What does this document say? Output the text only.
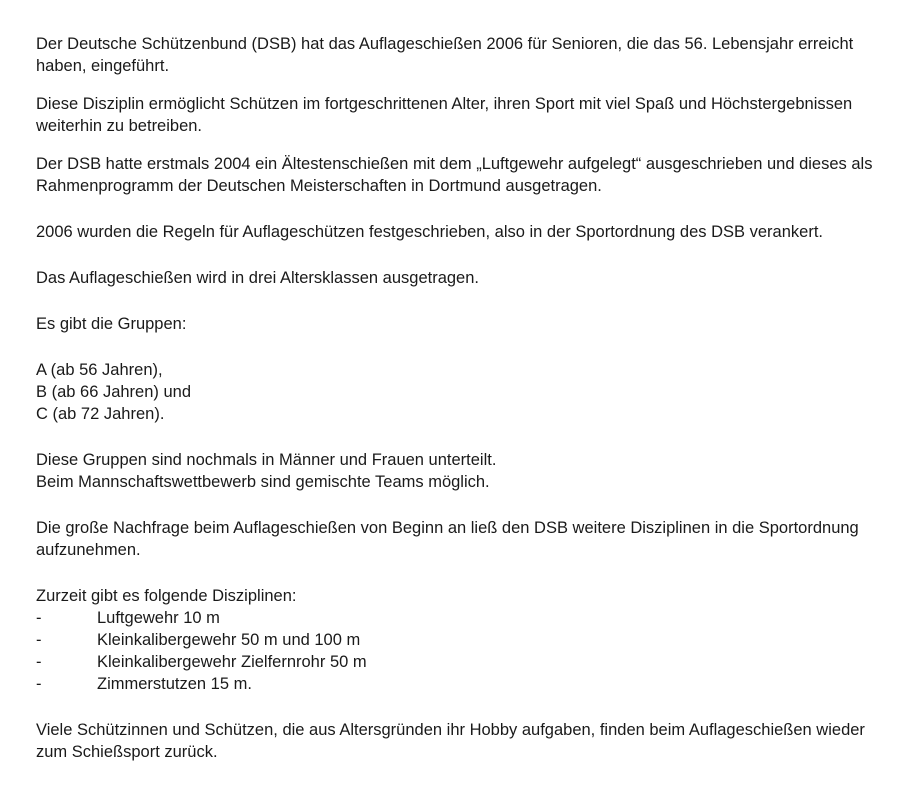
Der Deutsche Schützenbund (DSB) hat das Auflageschießen 2006 für Senioren, die das 56. Lebensjahr erreicht haben, eingeführt.

Diese Disziplin ermöglicht Schützen im fortgeschrittenen Alter, ihren Sport mit viel Spaß und Höchstergebnissen weiterhin zu betreiben.

Der DSB hatte erstmals 2004 ein Ältestenschießen mit dem „Luftgewehr aufgelegt“ ausgeschrieben und dieses als Rahmenprogramm der Deutschen Meisterschaften in Dortmund ausgetragen.

2006 wurden die Regeln für Auflageschützen festgeschrieben, also in der Sportordnung des DSB verankert.

Das Auflageschießen wird in drei Altersklassen ausgetragen.

Es gibt die Gruppen:

A (ab 56 Jahren),

B (ab 66 Jahren) und

C (ab 72 Jahren).

Diese Gruppen sind nochmals in Männer und Frauen unterteilt.

Beim Mannschaftswettbewerb sind gemischte Teams möglich.

Die große Nachfrage beim Auflageschießen von Beginn an ließ den DSB weitere Disziplinen in die Sportordnung aufzunehmen.

Zurzeit gibt es folgende Disziplinen:

-	Luftgewehr 10 m
-	Kleinkalibergewehr 50 m und 100 m
-	Kleinkalibergewehr Zielfernrohr 50 m
-	Zimmerstutzen 15 m.

Viele Schützinnen und Schützen, die aus Altersgründen ihr Hobby aufgaben, finden beim Auflageschießen wieder zum Schießsport zurück.
